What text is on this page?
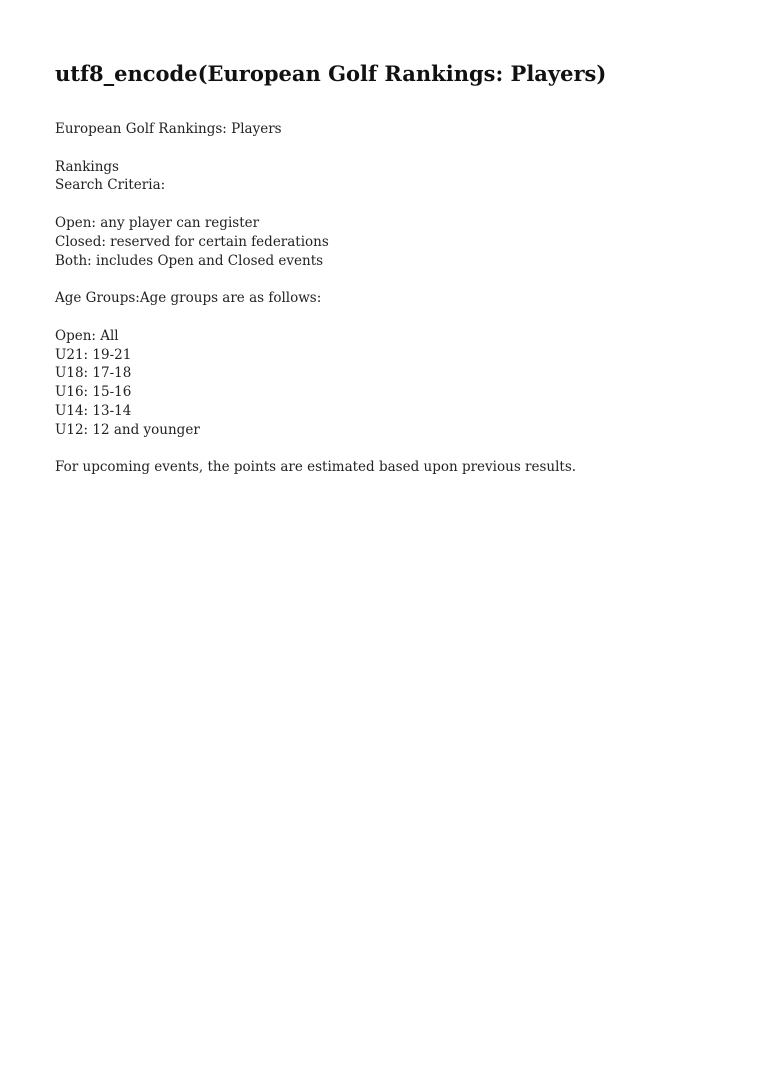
utf8_encode(European Golf Rankings: Players)
European Golf Rankings: Players
Rankings
Search Criteria:
Open: any player can register
Closed: reserved for certain federations
Both: includes Open and Closed events
Age Groups:Age groups are as follows:
Open: All
U21: 19-21
U18: 17-18
U16: 15-16
U14: 13-14
U12: 12 and younger
For upcoming events, the points are estimated based upon previous results.
